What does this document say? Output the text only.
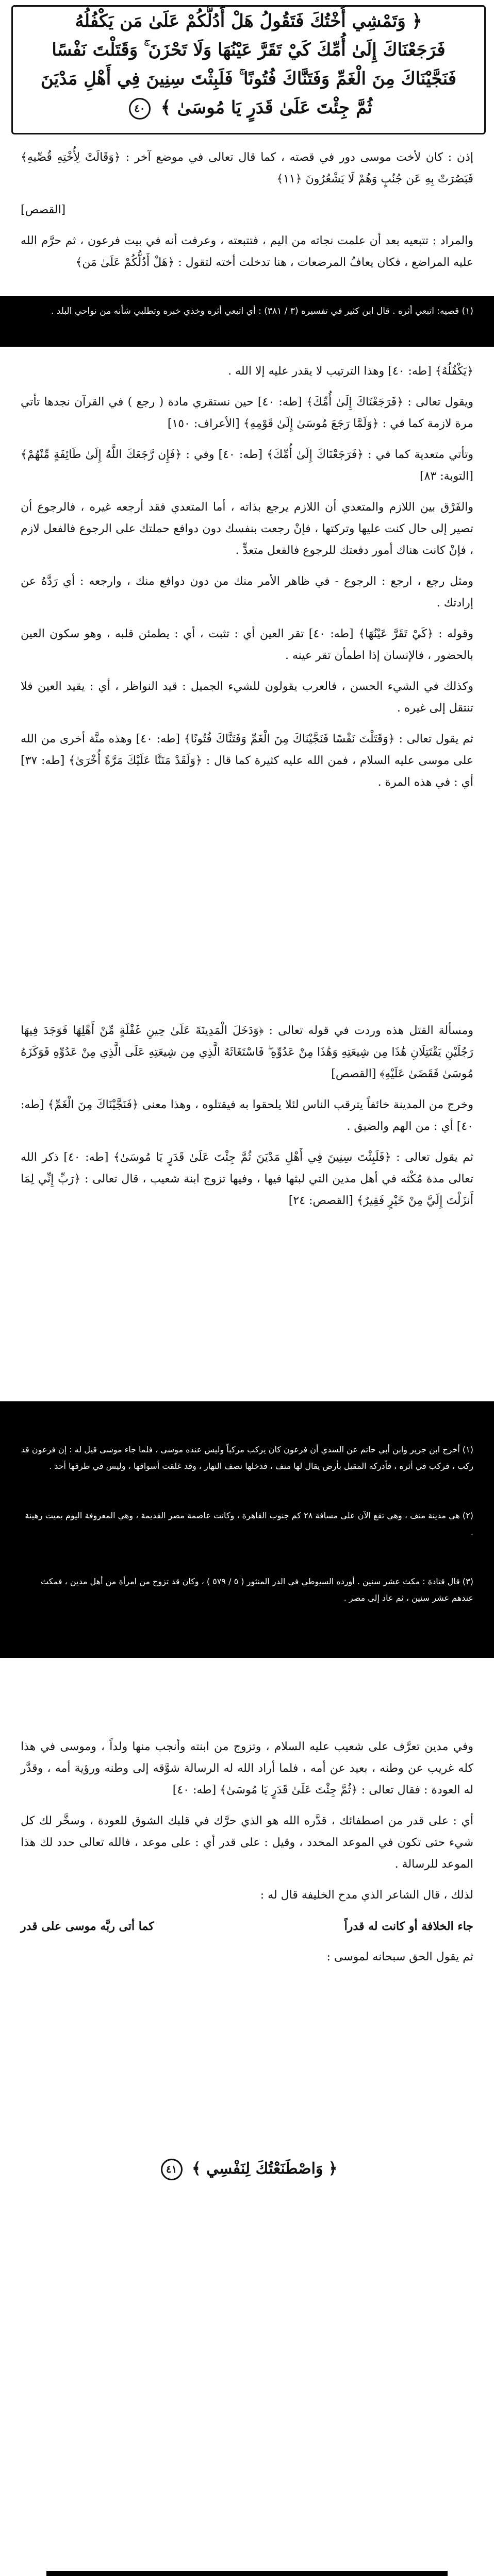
﴿ وَتَمْشِي أُخْتُكَ فَتَقُولُ هَلْ أَدُلُّكُمْ عَلَىٰ مَن يَكْفُلُهُ

فَرَجَعْنَاكَ إِلَىٰ أُمِّكَ كَيْ تَقَرَّ عَيْنُهَا وَلَا تَحْزَنَ ۚ وَقَتَلْتَ نَفْسًا

فَنَجَّيْنَاكَ مِنَ الْغَمِّ وَفَتَنَّاكَ فُتُونًا ۚ فَلَبِثْتَ سِنِينَ فِي أَهْلِ مَدْيَنَ

ثُمَّ جِئْتَ عَلَىٰ قَدَرٍ يَا مُوسَىٰ ﴾ ٤٠

إذن : كان لأخت موسى دور في قصته ، كما قال تعالى في موضع آخر : ﴿وَقَالَتْ لِأُخْتِهِ قُصِّيهِ﴾ فَبَصُرَتْ بِهِ عَن جُنُبٍ وَهُمْ لَا يَشْعُرُونَ ﴿١١﴾

[القصص]

والمراد : تتبعيه بعد أن علمت نجاته من اليم ، فتتبعته ، وعرفت أنه في بيت فرعون ، ثم حرَّم الله عليه المراضع ، فكان يعافُ المرضعات ، هنا تدخلت أخته لتقول : ﴿هَلْ أَدُلُّكُمْ عَلَىٰ مَن﴾

(١) قصيه: اتبعي أثره . قال ابن كثير في تفسيره (٣ / ٣٨١) : أي اتبعي أثره وخذي خبره وتطلبي شأنه من نواحي البلد .

﴿يَكْفُلُهُ﴾ [طه: ٤٠] وهذا الترتيب لا يقدر عليه إلا الله .

ويقول تعالى : ﴿فَرَجَعْنَاكَ إِلَىٰ أُمِّكَ﴾ [طه: ٤٠] حين نستقري مادة ( رجع ) في القرآن نجدها تأتي مرة لازمة كما في : ﴿وَلَمَّا رَجَعَ مُوسَىٰ إِلَىٰ قَوْمِهِ﴾ [الأعراف: ١٥٠]

وتأتي متعدية كما في : ﴿فَرَجَعْنَاكَ إِلَىٰ أُمِّكَ﴾ [طه: ٤٠] وفي : ﴿فَإِن رَّجَعَكَ اللَّهُ إِلَىٰ طَائِفَةٍ مِّنْهُمْ﴾ [التوبة: ٨٣]

والفَرْق بين اللازم والمتعدي أن اللازم يرجع بذاته ، أما المتعدي فقد أرجعه غيره ، فالرجوع أن تصير إلى حال كنت عليها وتركتها ، فإنْ رجعت بنفسك دون دوافع حملتك على الرجوع فالفعل لازم ، فإنْ كانت هناك أمور دفعتك للرجوع فالفعل متعدٍّ .

ومثل رجع ، ارجع : الرجوع - في ظاهر الأمر منك من دون دوافع منك ، وارجعه : أي رَدَّهُ عن إرادتك .

وقوله : ﴿كَيْ تَقَرَّ عَيْنُهَا﴾ [طه: ٤٠] تقر العين أي : تثبت ، أي : يطمئن قلبه ، وهو سكون العين بالحضور ، فالإنسان إذا اطمأن تقر عينه .

وكذلك في الشيء الحسن ، فالعرب يقولون للشيء الجميل : قيد النواظر ، أي : يقيد العين فلا تنتقل إلى غيره .

ثم يقول تعالى : ﴿وَقَتَلْتَ نَفْسًا فَنَجَّيْنَاكَ مِنَ الْغَمِّ وَفَتَنَّاكَ فُتُونًا﴾ [طه: ٤٠] وهذه منَّة أخرى من الله على موسى عليه السلام ، فمن الله عليه كثيرة كما قال : ﴿وَلَقَدْ مَنَنَّا عَلَيْكَ مَرَّةً أُخْرَىٰ﴾ [طه: ٣٧] أي : في هذه المرة .

ومسألة القتل هذه وردت في قوله تعالى : ﴿وَدَخَلَ الْمَدِينَةَ عَلَىٰ حِينِ غَفْلَةٍ مِّنْ أَهْلِهَا فَوَجَدَ فِيهَا رَجُلَيْنِ يَقْتَتِلَانِ هَٰذَا مِن شِيعَتِهِ وَهَٰذَا مِنْ عَدُوِّهِ ۖ فَاسْتَغَاثَهُ الَّذِي مِن شِيعَتِهِ عَلَى الَّذِي مِنْ عَدُوِّهِ فَوَكَزَهُ مُوسَىٰ فَقَضَىٰ عَلَيْهِ﴾ [القصص]

وخرج من المدينة خائفاً يترقب الناس لئلا يلحقوا به فيقتلوه ، وهذا معنى ﴿فَنَجَّيْنَاكَ مِنَ الْغَمِّ﴾ [طه: ٤٠] أي : من الهم والضيق .

ثم يقول تعالى : ﴿فَلَبِثْتَ سِنِينَ فِي أَهْلِ مَدْيَنَ ثُمَّ جِئْتَ عَلَىٰ قَدَرٍ يَا مُوسَىٰ﴾ [طه: ٤٠] ذكر الله تعالى مدة مُكْثه في أهل مدين التي لبثها فيها ، وفيها تزوج ابنة شعيب ، قال تعالى : ﴿رَبِّ إِنِّي لِمَا أَنزَلْتَ إِلَيَّ مِنْ خَيْرٍ فَقِيرٌ﴾ [القصص: ٢٤]

(١) أخرج ابن جرير وابن أبي حاتم عن السدي أن فرعون كان يركب مركباً وليس عنده موسى ، فلما جاء موسى قيل له : إن فرعون قد ركب ، فركب في أثره ، فأدركه المقيل بأرض يقال لها منف ، فدخلها نصف النهار ، وقد غلقت أسواقها ، وليس في طرقها أحد .

(٢) هي مدينة منف ، وهي تقع الآن على مسافة ٢٨ كم جنوب القاهرة ، وكانت عاصمة مصر القديمة ، وهي المعروفة اليوم بميت رهينة .

(٣) قال قتادة : مكث عشر سنين . أورده السيوطي في الدر المنثور ( ٥ / ٥٧٩ ) ، وكان قد تزوج من امرأة من أهل مدين ، فمكث عندهم عشر سنين ، ثم عاد إلى مصر .

وفي مدين تعرَّف على شعيب عليه السلام ، وتزوج من ابنته وأنجب منها ولداً ، وموسى في هذا كله غريب عن وطنه ، بعيد عن أمه ، فلما أراد الله له الرسالة شوَّقه إلى وطنه ورؤية أمه ، وقدَّر له العودة : فقال تعالى : ﴿ثُمَّ جِئْتَ عَلَىٰ قَدَرٍ يَا مُوسَىٰ﴾ [طه: ٤٠]

أي : على قدر من اصطفائك ، قدَّره الله هو الذي حرَّك في قلبك الشوق للعودة ، وسخَّر لك كل شيء حتى تكون في الموعد المحدد ، وقيل : على قدر أي : على موعد ، فالله تعالى حدد لك هذا الموعد للرسالة .

لذلك ، قال الشاعر الذي مدح الخليفة قال له :

جاء الخلافة أو كانت له قدراً
كما أتى ربَّه موسى على قدر

ثم يقول الحق سبحانه لموسى :

﴿ وَاصْطَنَعْتُكَ لِنَفْسِي ﴾ ٤١
